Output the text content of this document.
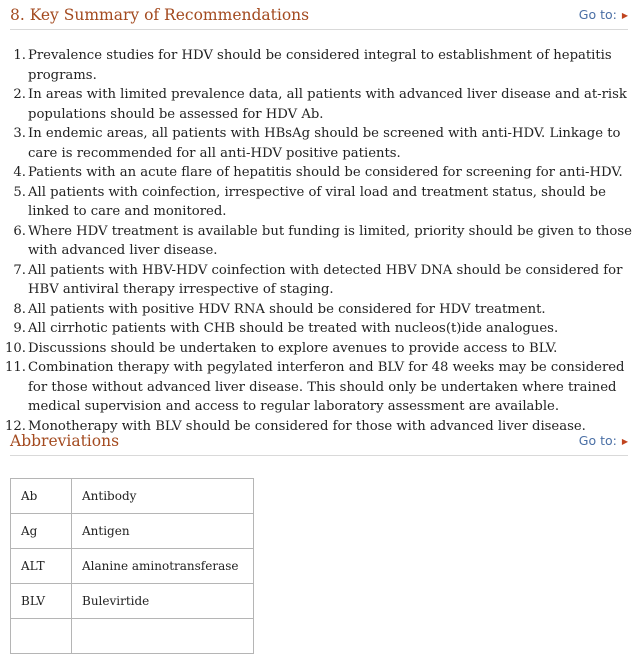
8. Key Summary of Recommendations	Go to: ▶
1. Prevalence studies for HDV should be considered integral to establishment of hepatitis programs.
2. In areas with limited prevalence data, all patients with advanced liver disease and at-risk populations should be assessed for HDV Ab.
3. In endemic areas, all patients with HBsAg should be screened with anti-HDV. Linkage to care is recommended for all anti-HDV positive patients.
4. Patients with an acute flare of hepatitis should be considered for screening for anti-HDV.
5. All patients with coinfection, irrespective of viral load and treatment status, should be linked to care and monitored.
6. Where HDV treatment is available but funding is limited, priority should be given to those with advanced liver disease.
7. All patients with HBV-HDV coinfection with detected HBV DNA should be considered for HBV antiviral therapy irrespective of staging.
8. All patients with positive HDV RNA should be considered for HDV treatment.
9. All cirrhotic patients with CHB should be treated with nucleos(t)ide analogues.
10. Discussions should be undertaken to explore avenues to provide access to BLV.
11. Combination therapy with pegylated interferon and BLV for 48 weeks may be considered for those without advanced liver disease. This should only be undertaken where trained medical supervision and access to regular laboratory assessment are available.
12. Monotherapy with BLV should be considered for those with advanced liver disease.
Abbreviations	Go to: ▶
Ab	Antibody
Ag	Antigen
ALT	Alanine aminotransferase
BLV	Bulevirtide
